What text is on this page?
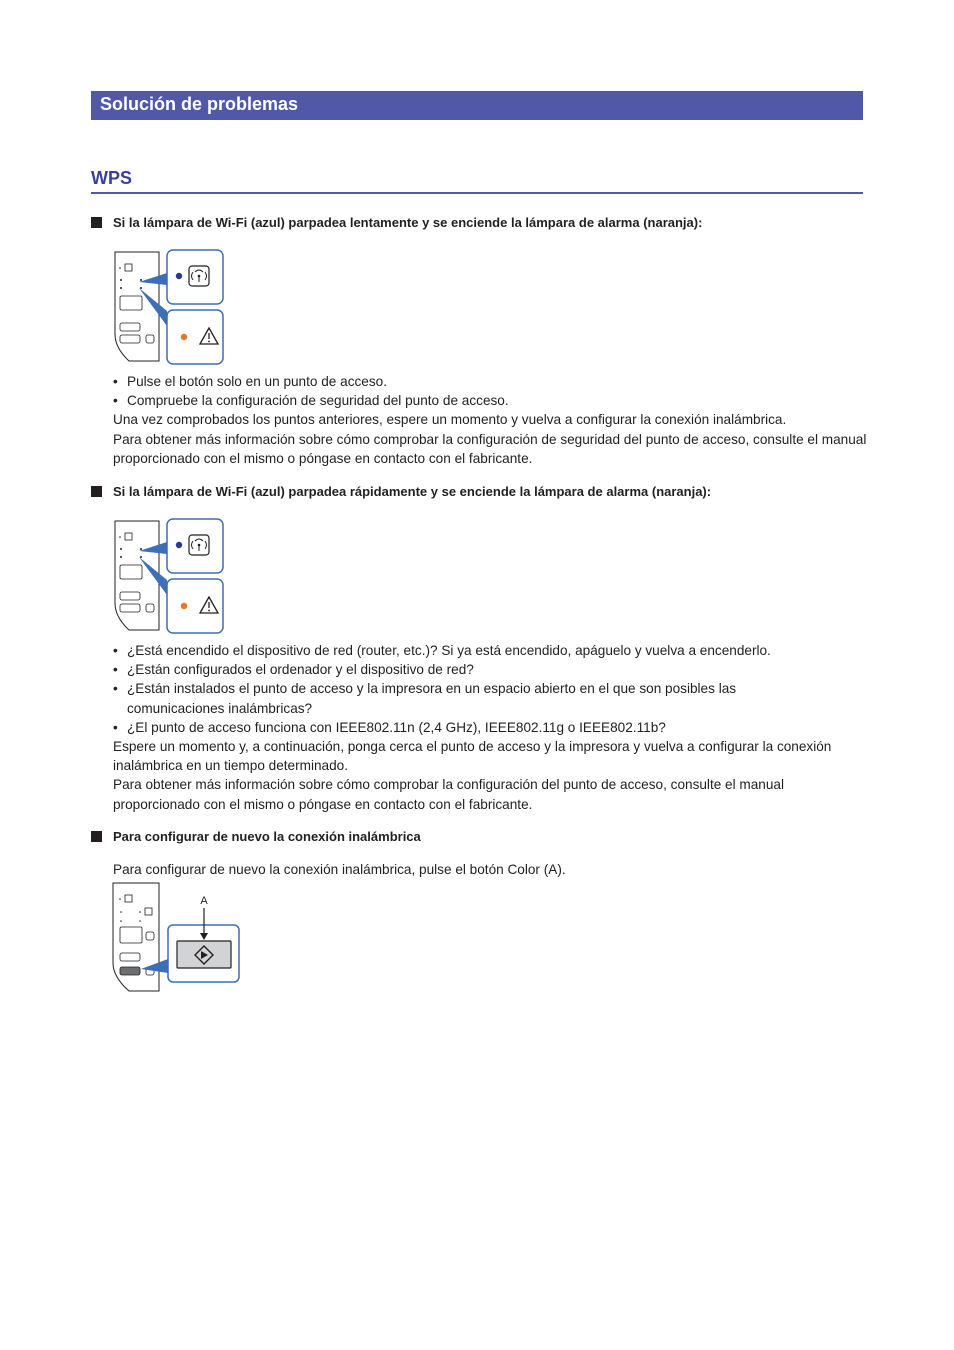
Solución de problemas
WPS
Si la lámpara de Wi-Fi (azul) parpadea lentamente y se enciende la lámpara de alarma (naranja):
• Pulse el botón solo en un punto de acceso.
• Compruebe la configuración de seguridad del punto de acceso.

Una vez comprobados los puntos anteriores, espere un momento y vuelva a configurar la conexión inalámbrica.

Para obtener más información sobre cómo comprobar la configuración de seguridad del punto de acceso, consulte el manual proporcionado con el mismo o póngase en contacto con el fabricante.

Si la lámpara de Wi-Fi (azul) parpadea rápidamente y se enciende la lámpara de alarma (naranja):
• ¿Está encendido el dispositivo de red (router, etc.)? Si ya está encendido, apáguelo y vuelva a encenderlo.
• ¿Están configurados el ordenador y el dispositivo de red?
• ¿Están instalados el punto de acceso y la impresora en un espacio abierto en el que son posibles las comunicaciones inalámbricas?
• ¿El punto de acceso funciona con IEEE802.11n (2,4 GHz), IEEE802.11g o IEEE802.11b?

Espere un momento y, a continuación, ponga cerca el punto de acceso y la impresora y vuelva a configurar la conexión inalámbrica en un tiempo determinado.

Para obtener más información sobre cómo comprobar la configuración del punto de acceso, consulte el manual proporcionado con el mismo o póngase en contacto con el fabricante.

Para configurar de nuevo la conexión inalámbrica

Para configurar de nuevo la conexión inalámbrica, pulse el botón Color (A).

A
